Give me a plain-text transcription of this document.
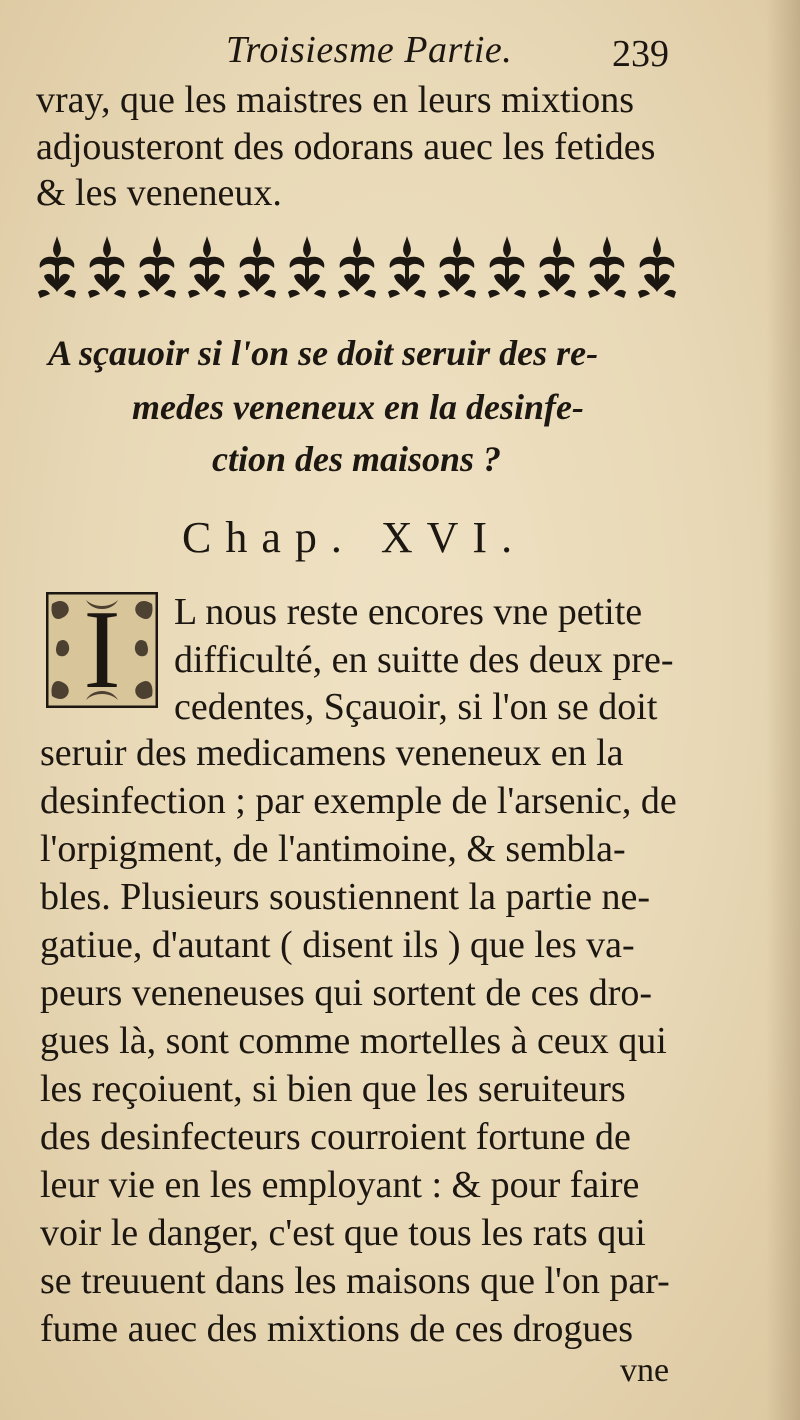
Troisiesme Partie.	239
vray, que les maistres en leurs mixtions
adjousteront des odorans auec les fetides
& les veneneux.
A sçauoir si l'on se doit seruir des re-
medes veneneux en la desinfe-
ction des maisons ?
Chap. XVI.
I	L nous reste encores vne petite
difficulté, en suitte des deux pre-
cedentes, Sçauoir, si l'on se doit
seruir des medicamens veneneux en la
desinfection ; par exemple de l'arsenic, de
l'orpigment, de l'antimoine, & sembla-
bles. Plusieurs soustiennent la partie ne-
gatiue, d'autant ( disent ils ) que les va-
peurs veneneuses qui sortent de ces dro-
gues là, sont comme mortelles à ceux qui
les reçoiuent, si bien que les seruiteurs
des desinfecteurs courroient fortune de
leur vie en les employant : & pour faire
voir le danger, c'est que tous les rats qui
se treuuent dans les maisons que l'on par-
fume auec des mixtions de ces drogues
vne
